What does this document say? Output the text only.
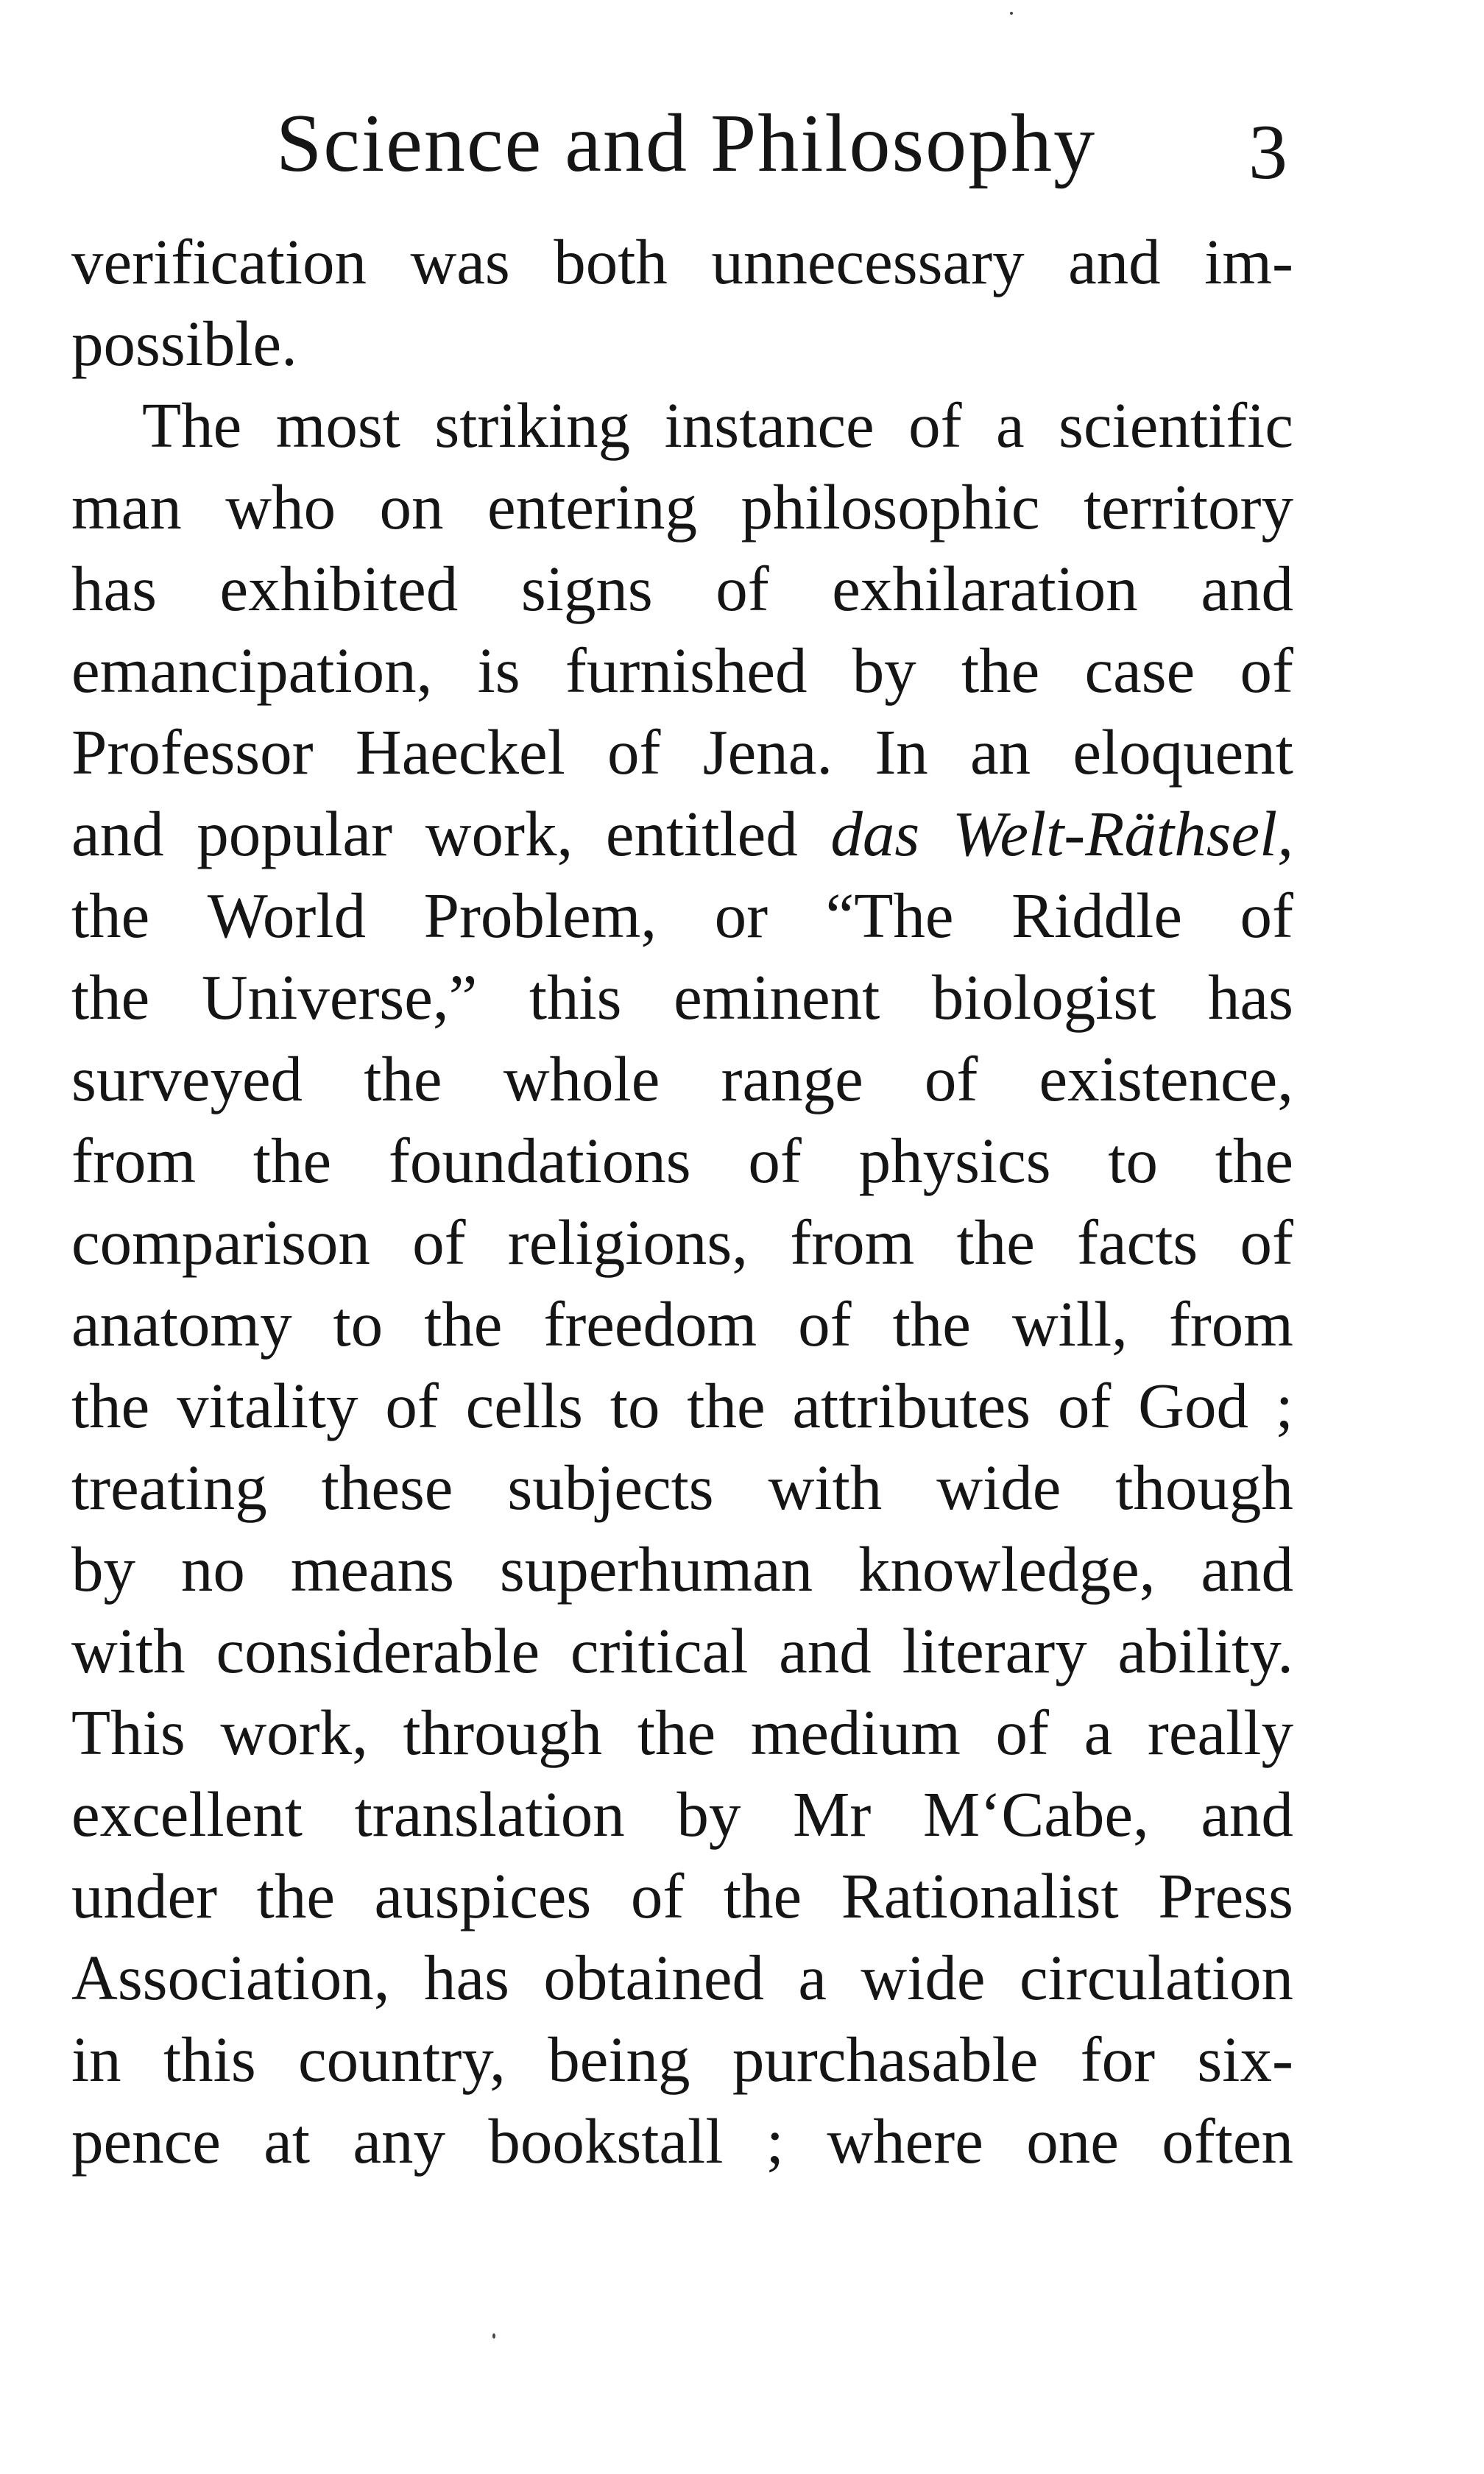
Science and Philosophy 3
verification was both unnecessary and im-
possible.
The most striking instance of a scientific
man who on entering philosophic territory
has exhibited signs of exhilaration and
emancipation, is furnished by the case of
Professor Haeckel of Jena. In an eloquent
and popular work, entitled das Welt-Räthsel,
the World Problem, or “The Riddle of
the Universe,” this eminent biologist has
surveyed the whole range of existence,
from the foundations of physics to the
comparison of religions, from the facts of
anatomy to the freedom of the will, from
the vitality of cells to the attributes of God ;
treating these subjects with wide though
by no means superhuman knowledge, and
with considerable critical and literary ability.
This work, through the medium of a really
excellent translation by Mr M‘Cabe, and
under the auspices of the Rationalist Press
Association, has obtained a wide circulation
in this country, being purchasable for six-
pence at any bookstall ; where one often
